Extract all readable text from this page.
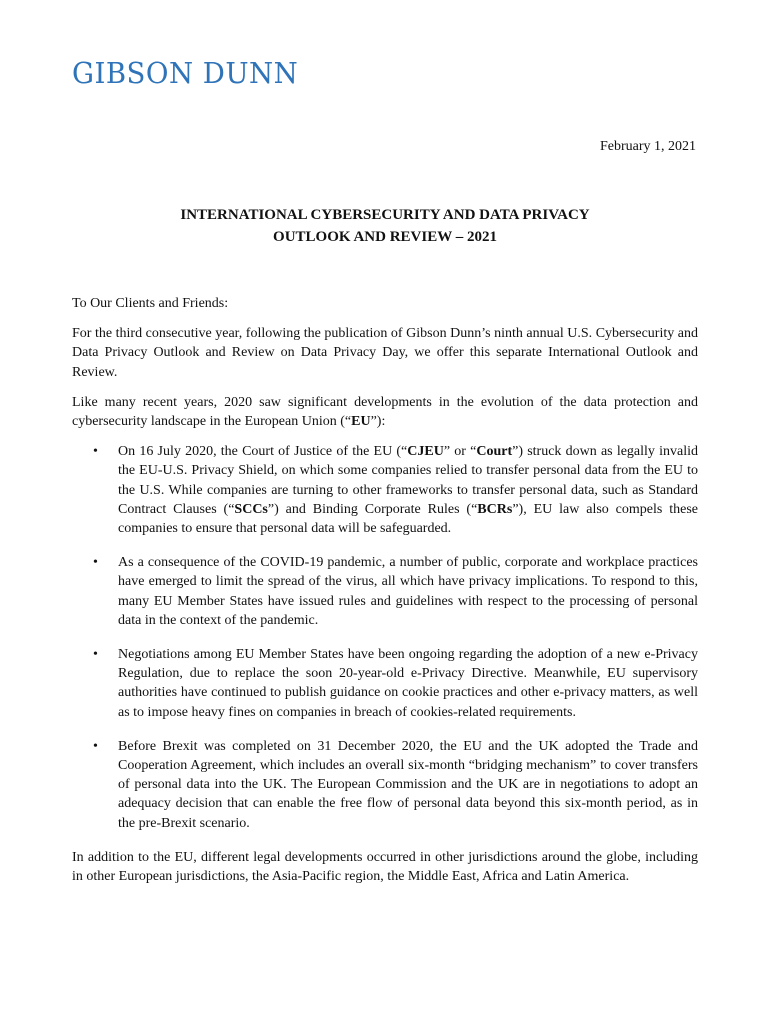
GIBSON DUNN
February 1, 2021
INTERNATIONAL CYBERSECURITY AND DATA PRIVACY
OUTLOOK AND REVIEW – 2021

To Our Clients and Friends:

For the third consecutive year, following the publication of Gibson Dunn’s ninth annual U.S. Cybersecurity and Data Privacy Outlook and Review on Data Privacy Day, we offer this separate International Outlook and Review.

Like many recent years, 2020 saw significant developments in the evolution of the data protection and cybersecurity landscape in the European Union (“EU”):

• On 16 July 2020, the Court of Justice of the EU (“CJEU” or “Court”) struck down as legally invalid the EU-U.S. Privacy Shield, on which some companies relied to transfer personal data from the EU to the U.S. While companies are turning to other frameworks to transfer personal data, such as Standard Contract Clauses (“SCCs”) and Binding Corporate Rules (“BCRs”), EU law also compels these companies to ensure that personal data will be safeguarded.
• As a consequence of the COVID-19 pandemic, a number of public, corporate and workplace practices have emerged to limit the spread of the virus, all which have privacy implications. To respond to this, many EU Member States have issued rules and guidelines with respect to the processing of personal data in the context of the pandemic.
• Negotiations among EU Member States have been ongoing regarding the adoption of a new e-Privacy Regulation, due to replace the soon 20-year-old e-Privacy Directive. Meanwhile, EU supervisory authorities have continued to publish guidance on cookie practices and other e-privacy matters, as well as to impose heavy fines on companies in breach of cookies-related requirements.
• Before Brexit was completed on 31 December 2020, the EU and the UK adopted the Trade and Cooperation Agreement, which includes an overall six-month “bridging mechanism” to cover transfers of personal data into the UK. The European Commission and the UK are in negotiations to adopt an adequacy decision that can enable the free flow of personal data beyond this six-month period, as in the pre-Brexit scenario.

In addition to the EU, different legal developments occurred in other jurisdictions around the globe, including in other European jurisdictions, the Asia-Pacific region, the Middle East, Africa and Latin America.
